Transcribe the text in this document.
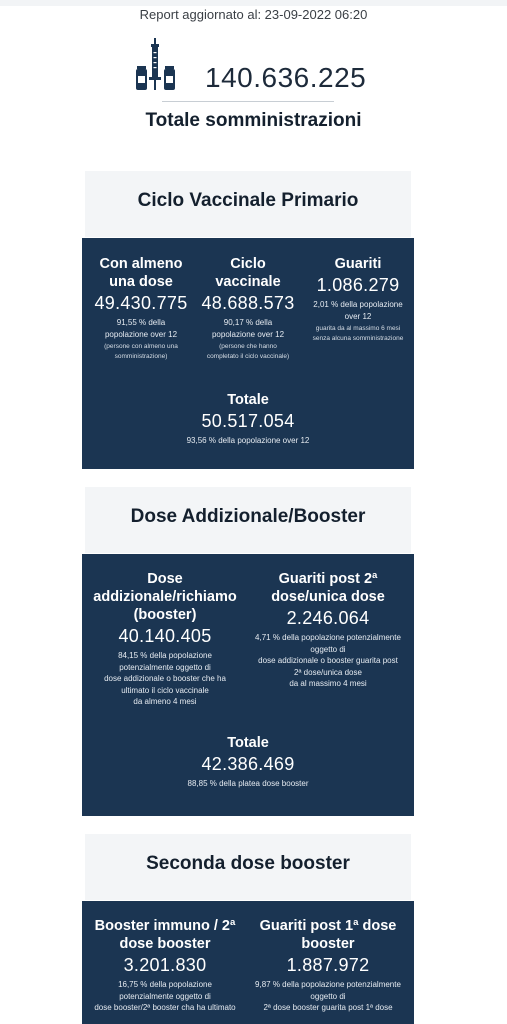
Report aggiornato al: 23-09-2022 06:20
140.636.225
Totale somministrazioni
Ciclo Vaccinale Primario
Con almeno
una dose
49.430.775
91,55 % della
popolazione over 12
(persone con almeno una
somministrazione)
Ciclo
vaccinale
48.688.573
90,17 % della
popolazione over 12
(persone che hanno
completato il ciclo vaccinale)
Guariti
1.086.279
2,01 % della popolazione
over 12
guarita da al massimo 6 mesi
senza alcuna somministrazione
Totale
50.517.054
93,56 % della popolazione over 12
Dose Addizionale/Booster
Dose
addizionale/richiamo
(booster)
40.140.405
84,15 % della popolazione
potenzialmente oggetto di
dose addizionale o booster che ha
ultimato il ciclo vaccinale
da almeno 4 mesi
Guariti post 2ª
dose/unica dose
2.246.064
4,71 % della popolazione potenzialmente
oggetto di
dose addizionale o booster guarita post
2ª dose/unica dose
da al massimo 4 mesi
Totale
42.386.469
88,85 % della platea dose booster
Seconda dose booster
Booster immuno / 2ª
dose booster
3.201.830
16,75 % della popolazione
potenzialmente oggetto di
dose booster/2ª booster cha ha ultimato
Guariti post 1ª dose
booster
1.887.972
9,87 % della popolazione potenzialmente
oggetto di
2ª dose booster guarita post 1ª dose
